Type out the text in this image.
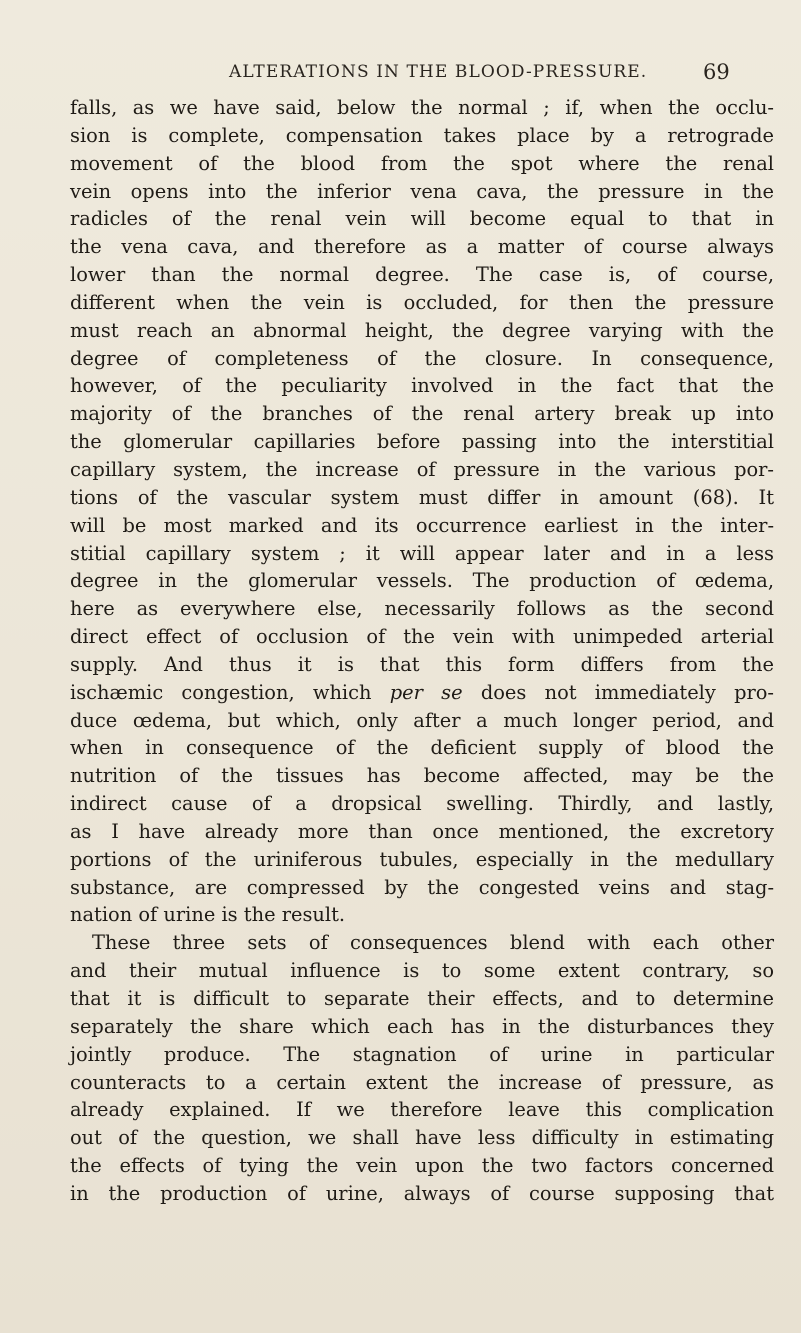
ALTERATIONS IN THE BLOOD-PRESSURE.	69
falls, as we have said, below the normal ; if, when the occlu-
sion is complete, compensation takes place by a retrograde
movement of the blood from the spot where the renal
vein opens into the inferior vena cava, the pressure in the
radicles of the renal vein will become equal to that in
the vena cava, and therefore as a matter of course always
lower than the normal degree. The case is, of course,
different when the vein is occluded, for then the pressure
must reach an abnormal height, the degree varying with the
degree of completeness of the closure. In consequence,
however, of the peculiarity involved in the fact that the
majority of the branches of the renal artery break up into
the glomerular capillaries before passing into the interstitial
capillary system, the increase of pressure in the various por-
tions of the vascular system must differ in amount (68). It
will be most marked and its occurrence earliest in the inter-
stitial capillary system ; it will appear later and in a less
degree in the glomerular vessels. The production of œdema,
here as everywhere else, necessarily follows as the second
direct effect of occlusion of the vein with unimpeded arterial
supply. And thus it is that this form differs from the
ischæmic congestion, which per se does not immediately pro-
duce œdema, but which, only after a much longer period, and
when in consequence of the deficient supply of blood the
nutrition of the tissues has become affected, may be the
indirect cause of a dropsical swelling. Thirdly, and lastly,
as I have already more than once mentioned, the excretory
portions of the uriniferous tubules, especially in the medullary
substance, are compressed by the congested veins and stag-
nation of urine is the result.
These three sets of consequences blend with each other
and their mutual influence is to some extent contrary, so
that it is difficult to separate their effects, and to determine
separately the share which each has in the disturbances they
jointly produce. The stagnation of urine in particular
counteracts to a certain extent the increase of pressure, as
already explained. If we therefore leave this complication
out of the question, we shall have less difficulty in estimating
the effects of tying the vein upon the two factors concerned
in the production of urine, always of course supposing that
